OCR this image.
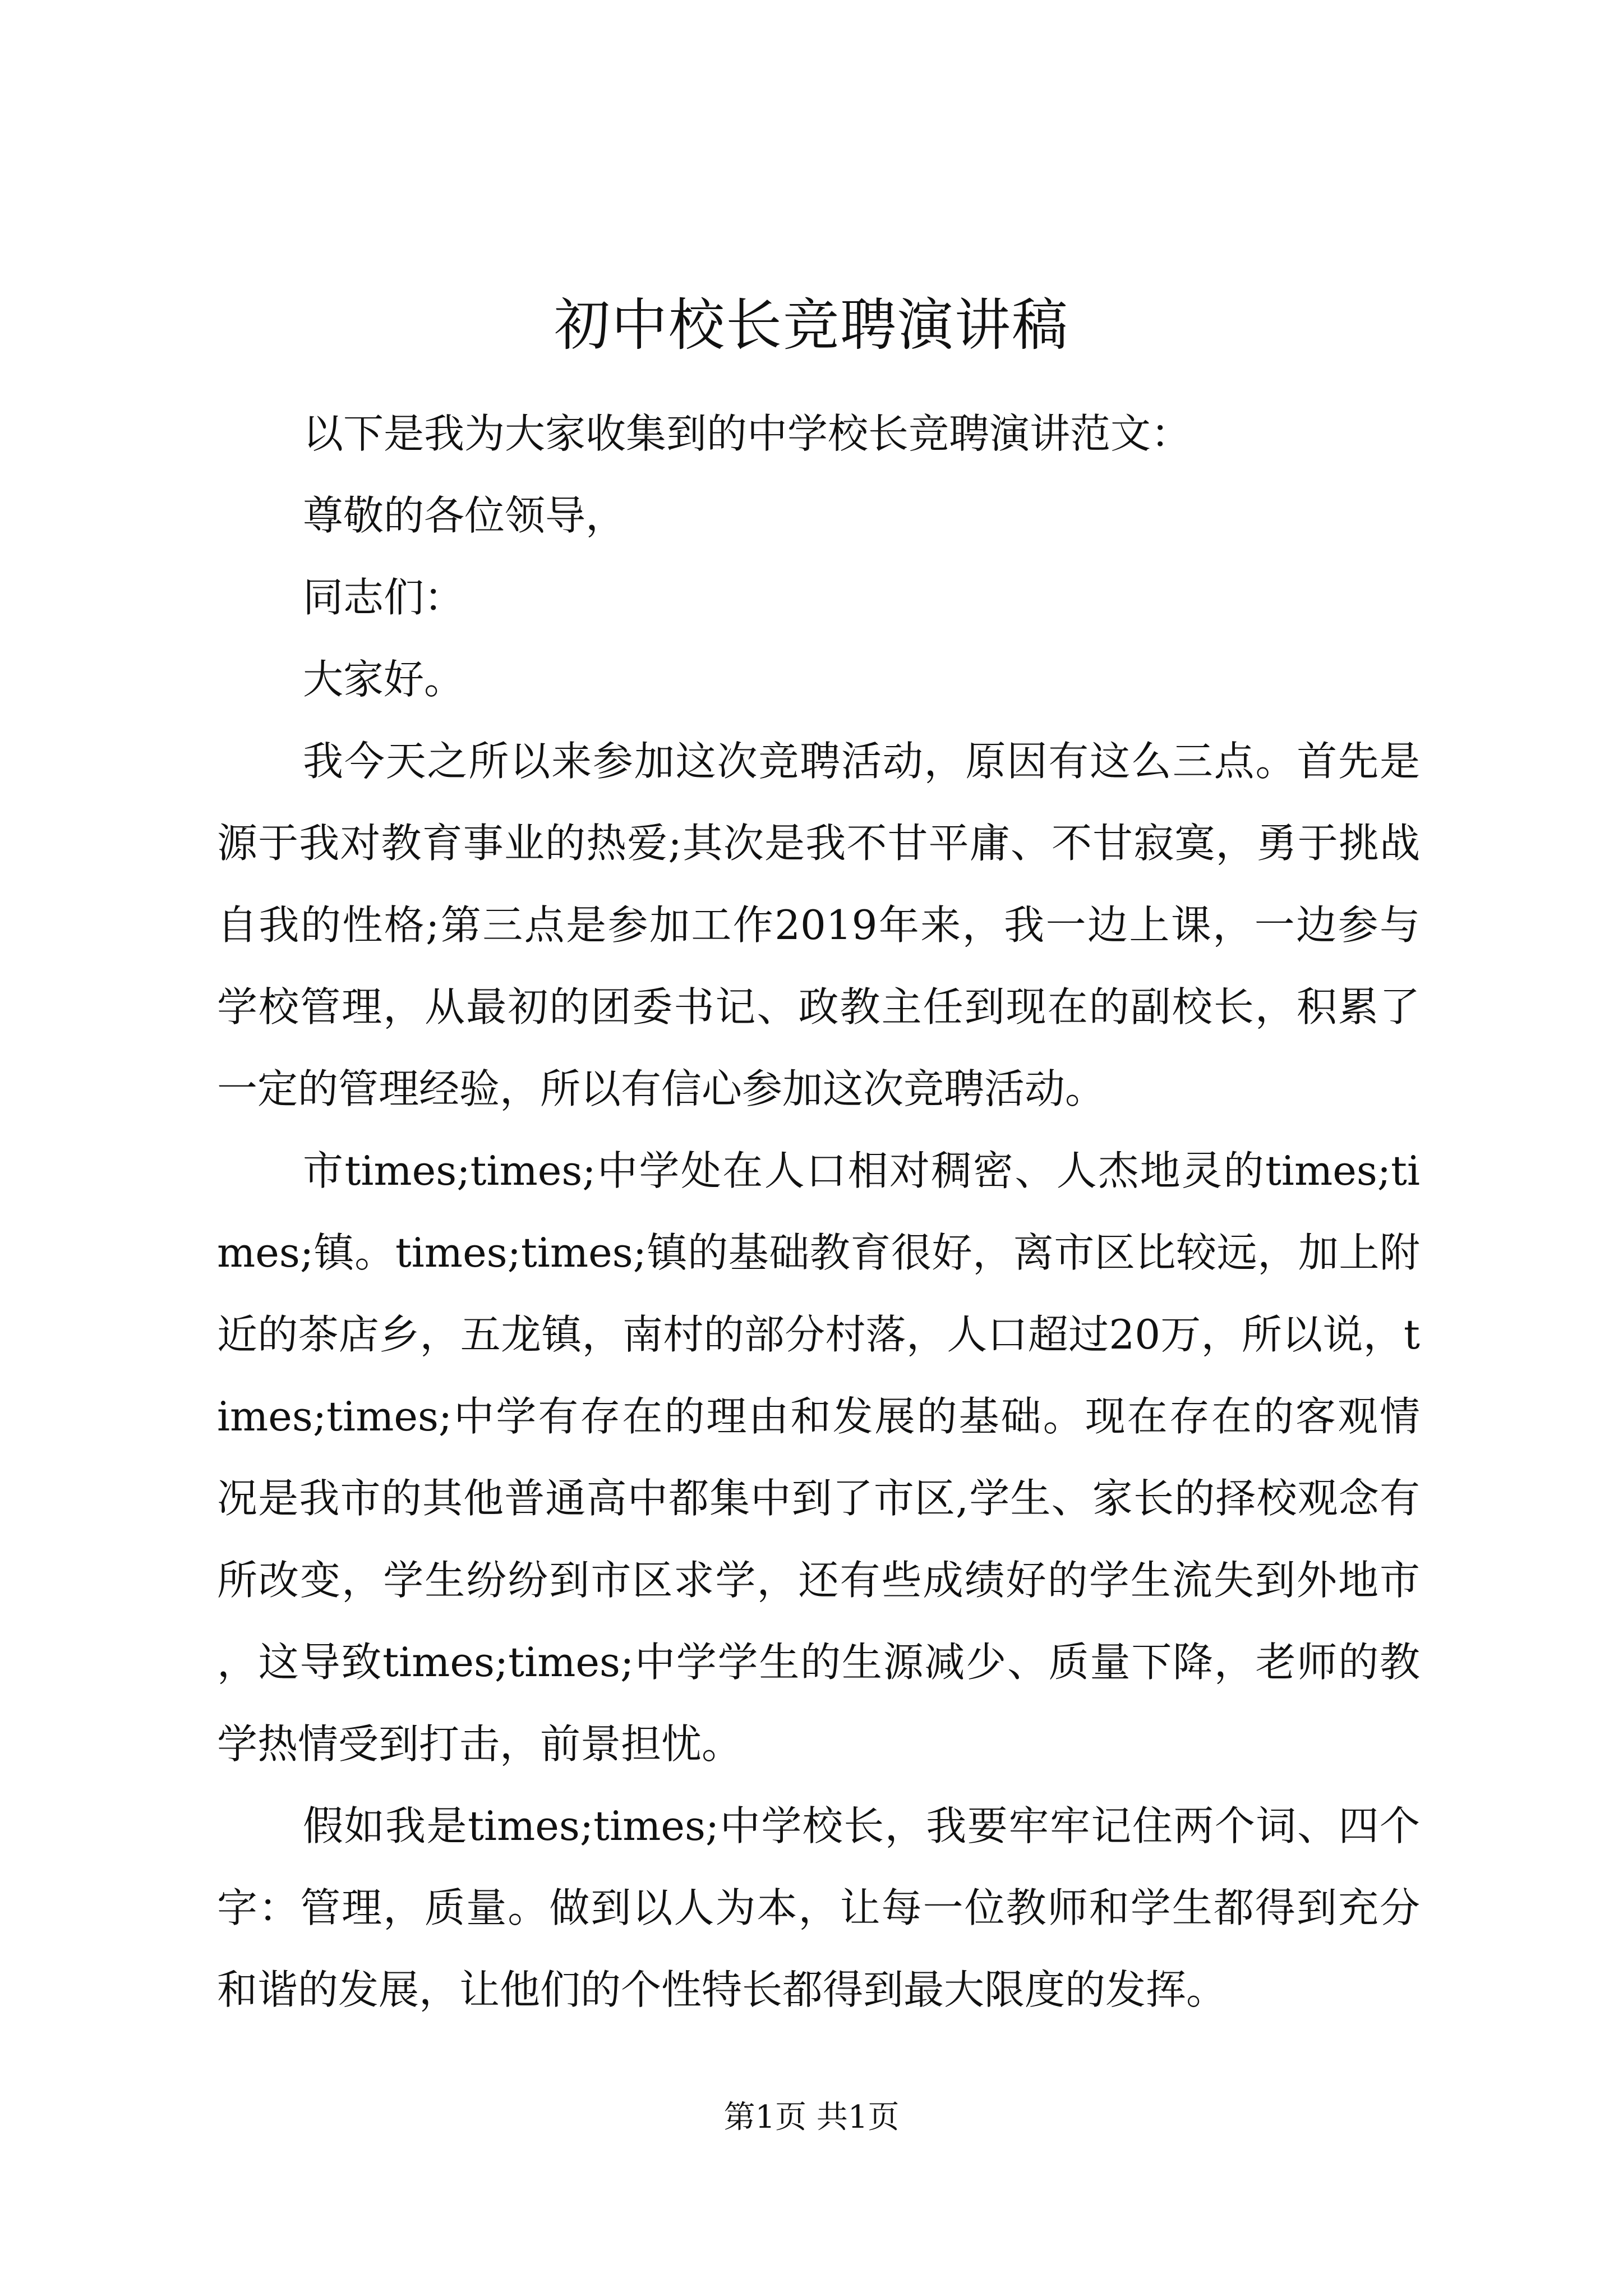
初中校长竞聘演讲稿

以下是我为大家收集到的中学校长竞聘演讲范文：

尊敬的各位领导，

同志们：

大家好。

我今天之所以来参加这次竞聘活动，原因有这么三点。首先是源于我对教育事业的热爱;其次是我不甘平庸、不甘寂寞，勇于挑战自我的性格;第三点是参加工作2019年来，我一边上课，一边参与学校管理，从最初的团委书记、政教主任到现在的副校长，积累了一定的管理经验，所以有信心参加这次竞聘活动。

市times;times;中学处在人口相对稠密、人杰地灵的times;times;镇。times;times;镇的基础教育很好，离市区比较远，加上附近的茶店乡，五龙镇，南村的部分村落，人口超过20万，所以说，times;times;中学有存在的理由和发展的基础。现在存在的客观情况是我市的其他普通高中都集中到了市区,学生、家长的择校观念有所改变，学生纷纷到市区求学，还有些成绩好的学生流失到外地市，这导致times;times;中学学生的生源减少、质量下降，老师的教学热情受到打击，前景担忧。

假如我是times;times;中学校长，我要牢牢记住两个词、四个字：管理，质量。做到以人为本，让每一位教师和学生都得到充分和谐的发展，让他们的个性特长都得到最大限度的发挥。

第1页 共1页
